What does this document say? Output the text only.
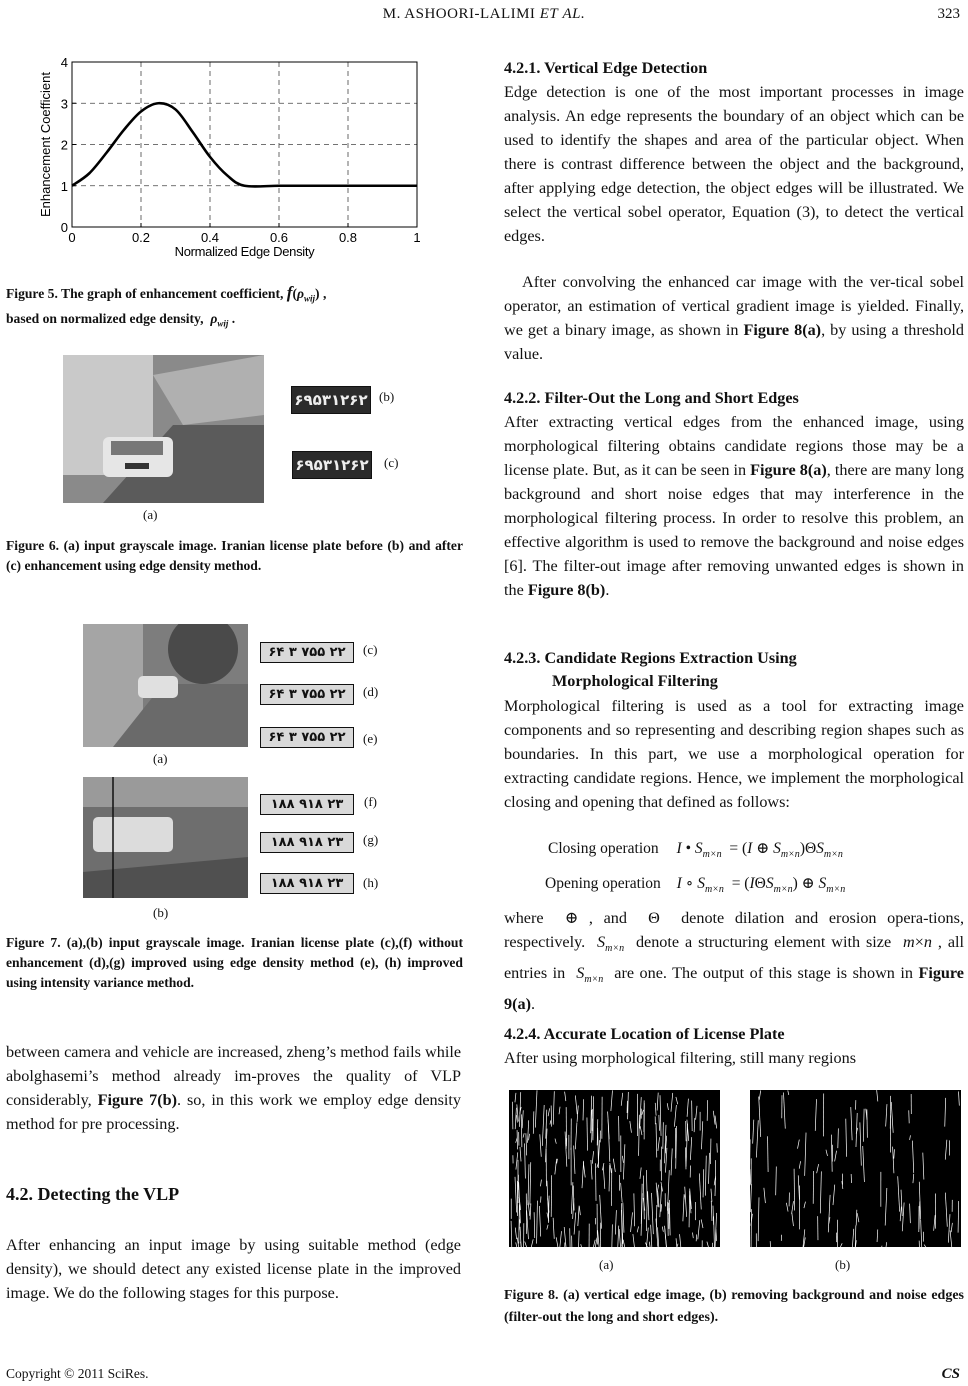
M. ASHOORI-LALIMI ET AL.	323
0	0.2	0.4	0.6	0.8	1
0
1
2
3
4
Normalized Edge Density
Enhancement Coefficient
Figure 5. The graph of enhancement coefficient, $f(\rho_{wij})$ ,
based on normalized edge density,  $\rho_{wij}$ .
۶۹۵۳۱۲۶۲ (b)
۶۹۵۳۱۲۶۲ (c)
(a)
Figure 6. (a) input grayscale image. Iranian license plate before (b) and after (c) enhancement using edge density method.
۶۴ ۳ ۷۵۵ ۲۲	(c)
۶۴ ۳ ۷۵۵ ۲۲	(d)
۶۴ ۳ ۷۵۵ ۲۲	(e)
(a)
۱۸۸ ۹۱۸ ۲۳	(f)
۱۸۸ ۹۱۸ ۲۳	(g)
۱۸۸ ۹۱۸ ۲۳	(h)
(b)
Figure 7. (a),(b) input grayscale image. Iranian license plate (c),(f) without enhancement (d),(g) improved using edge density method (e), (h) improved using intensity variance method.
between camera and vehicle are increased, zheng’s method fails while abolghasemi’s method already im-proves the quality of VLP considerably, Figure 7(b). so, in this work we employ edge density method for pre processing.
4.2. Detecting the VLP
After enhancing an input image by using suitable method (edge density), we should detect any existed license plate in the improved image. We do the following stages for this purpose.
4.2.1. Vertical Edge Detection
Edge detection is one of the most important processes in image analysis. An edge represents the boundary of an object which can be used to identify the shapes and area of the particular object. When there is contrast difference between the object and the background, after applying edge detection, the object edges will be illustrated. We select the vertical sobel operator, Equation (3), to detect the vertical edges.

After convolving the enhanced car image with the ver-tical sobel operator, an estimation of vertical gradient image is yielded. Finally, we get a binary image, as shown in Figure 8(a), by using a threshold value.

4.2.2. Filter-Out the Long and Short Edges
After extracting vertical edges from the enhanced image, using morphological filtering obtains candidate regions those may be a license plate. But, as it can be seen in Figure 8(a), there are many long background and short noise edges that may interference in the morphological filtering process. In order to resolve this problem, an effective algorithm is used to remove the background and noise edges [6]. The filter-out image after removing unwanted edges is shown in the Figure 8(b).
4.2.3. Candidate Regions Extraction Using
Morphological Filtering
Morphological filtering is used as a tool for extracting image components and so representing and describing region shapes such as boundaries. In this part, we use a morphological operation for extracting candidate regions. Hence, we implement the morphological closing and opening that defined as follows:
Closing operation I • $S_{m\times n} = (I$ ⊕ $S_{m\times n})\Theta S_{m\times n}$
Opening operation I ∘ $S_{m\times n} = (I\Theta S_{m\times n})$ ⊕ $S_{m\times n}$
where  ⊕ , and  Θ  denote dilation and erosion opera-tions, respectively.  $S_{m\times n}$  denote a structuring element with size  m×n , all entries in  $S_{m\times n}$  are one. The output of this stage is shown in Figure 9(a).
4.2.4. Accurate Location of License Plate
After using morphological filtering, still many regions
(a)	(b)
Figure 8. (a) vertical edge image, (b) removing background and noise edges (filter-out the long and short edges).
Copyright © 2011 SciRes.	CS
